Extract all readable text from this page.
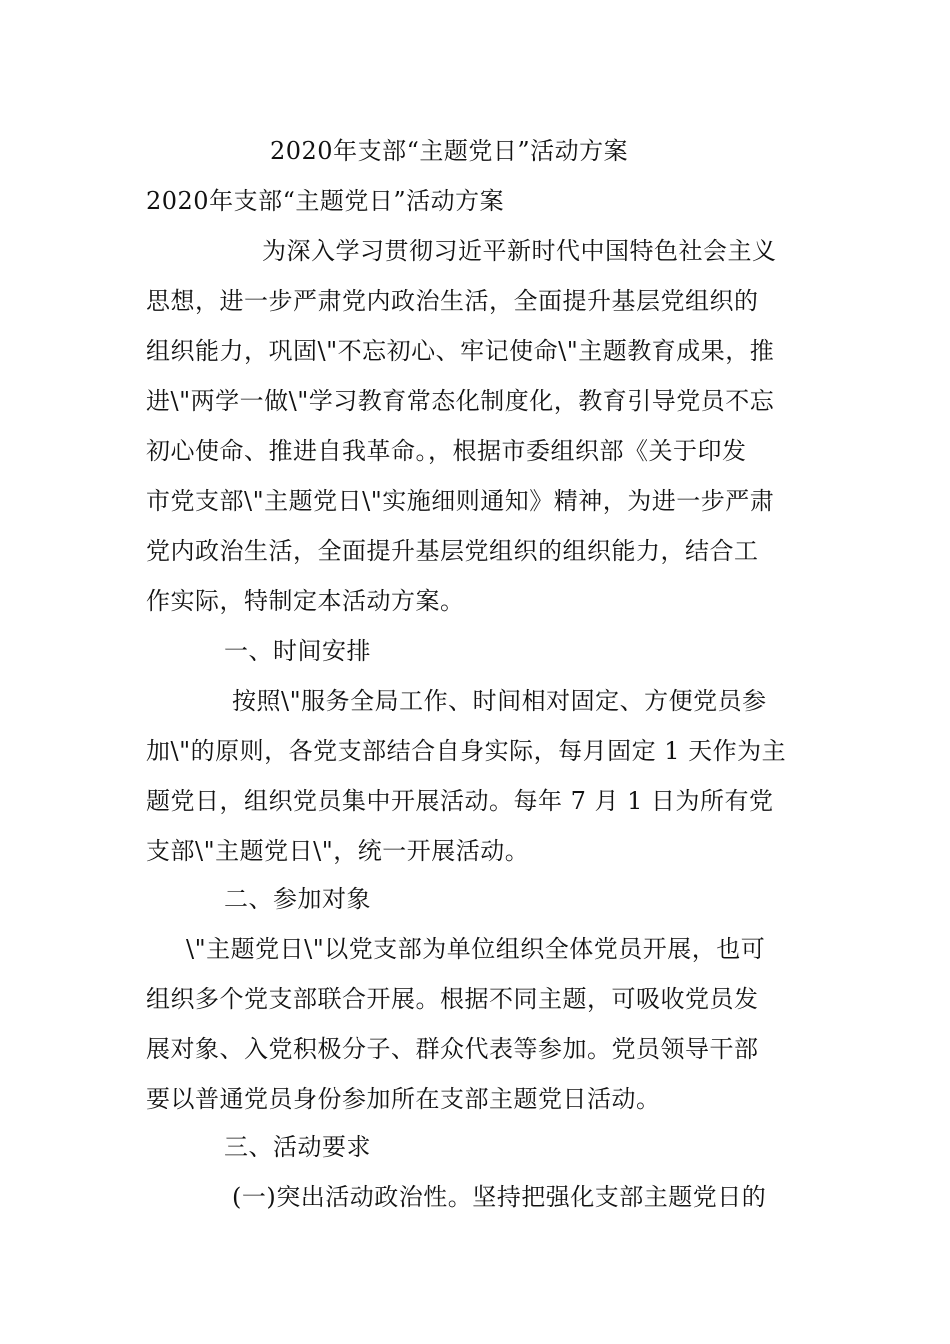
2020年支部“主题党日”活动方案
2020年支部“主题党日”活动方案
为深入学习贯彻习近平新时代中国特色社会主义
思想，进一步严肃党内政治生活，全面提升基层党组织的
组织能力，巩固\"不忘初心、牢记使命\"主题教育成果，推
进\"两学一做\"学习教育常态化制度化，教育引导党员不忘
初心使命、推进自我革命。，根据市委组织部《关于印发
市党支部\"主题党日\"实施细则通知》精神，为进一步严肃
党内政治生活，全面提升基层党组织的组织能力，结合工
作实际，特制定本活动方案。
一、时间安排
按照\"服务全局工作、时间相对固定、方便党员参
加\"的原则，各党支部结合自身实际，每月固定 1 天作为主
题党日，组织党员集中开展活动。每年 7 月 1 日为所有党
支部\"主题党日\"，统一开展活动。
二、参加对象
\"主题党日\"以党支部为单位组织全体党员开展，也可
组织多个党支部联合开展。根据不同主题，可吸收党员发
展对象、入党积极分子、群众代表等参加。党员领导干部
要以普通党员身份参加所在支部主题党日活动。
三、活动要求
(一)突出活动政治性。坚持把强化支部主题党日的
